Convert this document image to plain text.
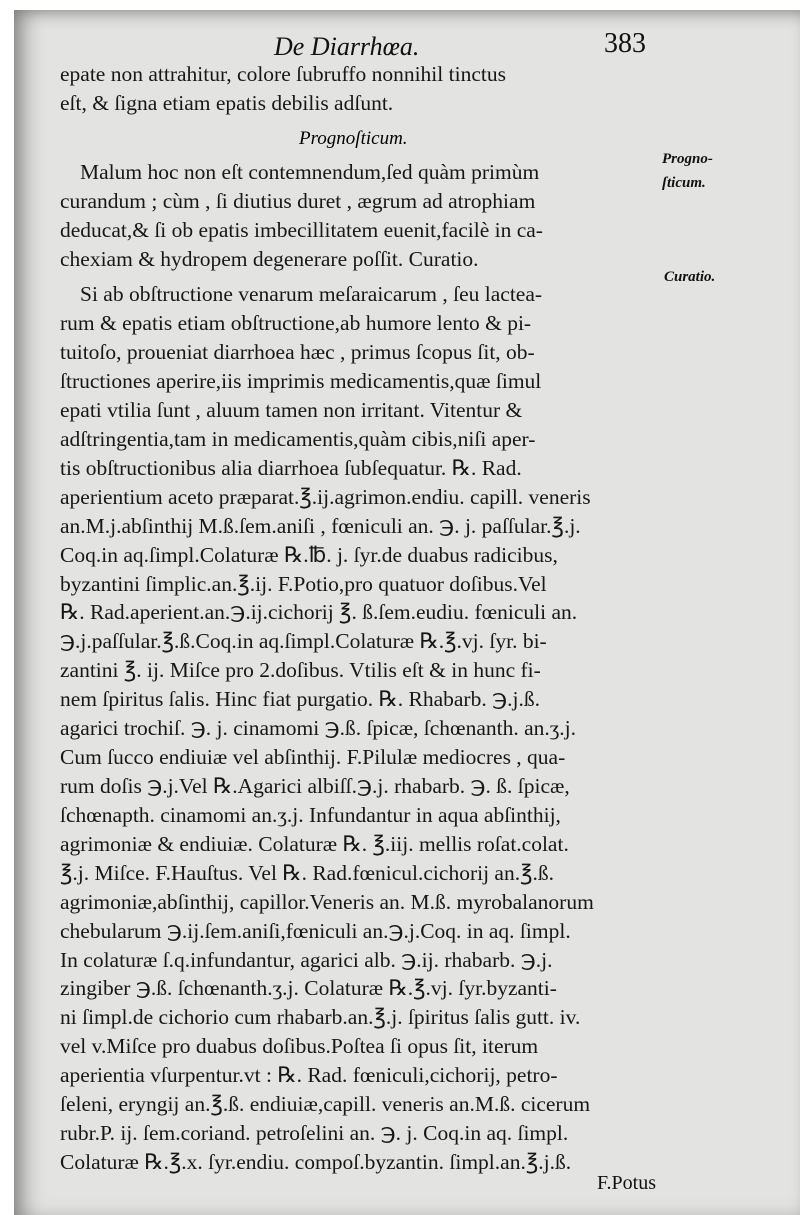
De Diarrhœa.	383
Prognoſticum.
Progno-
ſticum.
Curatio.
epate non attrahitur, colore ſubruffo nonnihil tinctus
eſt, & ſigna etiam epatis debilis adſunt.
Malum hoc non eſt contemnendum,ſed quàm primùm
curandum ; cùm , ſi diutius duret , ægrum ad atrophiam
deducat,& ſi ob epatis imbecillitatem euenit,facilè in ca-
chexiam & hydropem degenerare poſſit. Curatio.
Si ab obſtructione venarum meſaraicarum , ſeu lactea-
rum & epatis etiam obſtructione,ab humore lento & pi-
tuitoſo, proueniat diarrhoea hæc , primus ſcopus ſit, ob-
ſtructiones aperire,iis imprimis medicamentis,quæ ſimul
epati vtilia ſunt , aluum tamen non irritant. Vitentur &
adſtringentia,tam in medicamentis,quàm cibis,niſi aper-
tis obſtructionibus alia diarrhoea ſubſequatur. ℞. Rad.
aperientium aceto præparat.℥.ij.agrimon.endiu. capill. veneris
an.M.j.abſinthij M.ß.ſem.aniſi , fœniculi an. ℈. j. paſſular.℥.j.
Coq.in aq.ſimpl.Colaturæ ℞.℔. j. ſyr.de duabus radicibus,
byzantini ſimplic.an.℥.ij. F.Potio,pro quatuor doſibus.Vel
℞. Rad.aperient.an.℈.ij.cichorij ℥. ß.ſem.eudiu. fœniculi an.
℈.j.paſſular.℥.ß.Coq.in aq.ſimpl.Colaturæ ℞.℥.vj. ſyr. bi-
zantini ℥. ij. Miſce pro 2.doſibus. Vtilis eſt & in hunc fi-
nem ſpiritus ſalis. Hinc fiat purgatio. ℞. Rhabarb. ℈.j.ß.
agarici trochiſ. ℈. j. cinamomi ℈.ß. ſpicæ, ſchœnanth. an.ʒ.j.
Cum ſucco endiuiæ vel abſinthij. F.Pilulæ mediocres , qua-
rum doſis ℈.j.Vel ℞.Agarici albiſſ.℈.j. rhabarb. ℈. ß. ſpicæ,
ſchœnapth. cinamomi an.ʒ.j. Infundantur in aqua abſinthij,
agrimoniæ & endiuiæ. Colaturæ ℞. ℥.iij. mellis roſat.colat.
℥.j. Miſce. F.Hauſtus. Vel ℞. Rad.fœnicul.cichorij an.℥.ß.
agrimoniæ,abſinthij, capillor.Veneris an. M.ß. myrobalanorum
chebularum ℈.ij.ſem.aniſi,fœniculi an.℈.j.Coq. in aq. ſimpl.
In colaturæ ſ.q.infundantur, agarici alb. ℈.ij. rhabarb. ℈.j.
zingiber ℈.ß. ſchœnanth.ʒ.j. Colaturæ ℞.℥.vj. ſyr.byzanti-
ni ſimpl.de cichorio cum rhabarb.an.℥.j. ſpiritus ſalis gutt. iv.
vel v.Miſce pro duabus doſibus.Poſtea ſi opus ſit, iterum
aperientia vſurpentur.vt : ℞. Rad. fœniculi,cichorij, petro-
ſeleni, eryngij an.℥.ß. endiuiæ,capill. veneris an.M.ß. cicerum
rubr.P. ij. ſem.coriand. petroſelini an. ℈. j. Coq.in aq. ſimpl.
Colaturæ ℞.℥.x. ſyr.endiu. compoſ.byzantin. ſimpl.an.℥.j.ß.
F.Potus
